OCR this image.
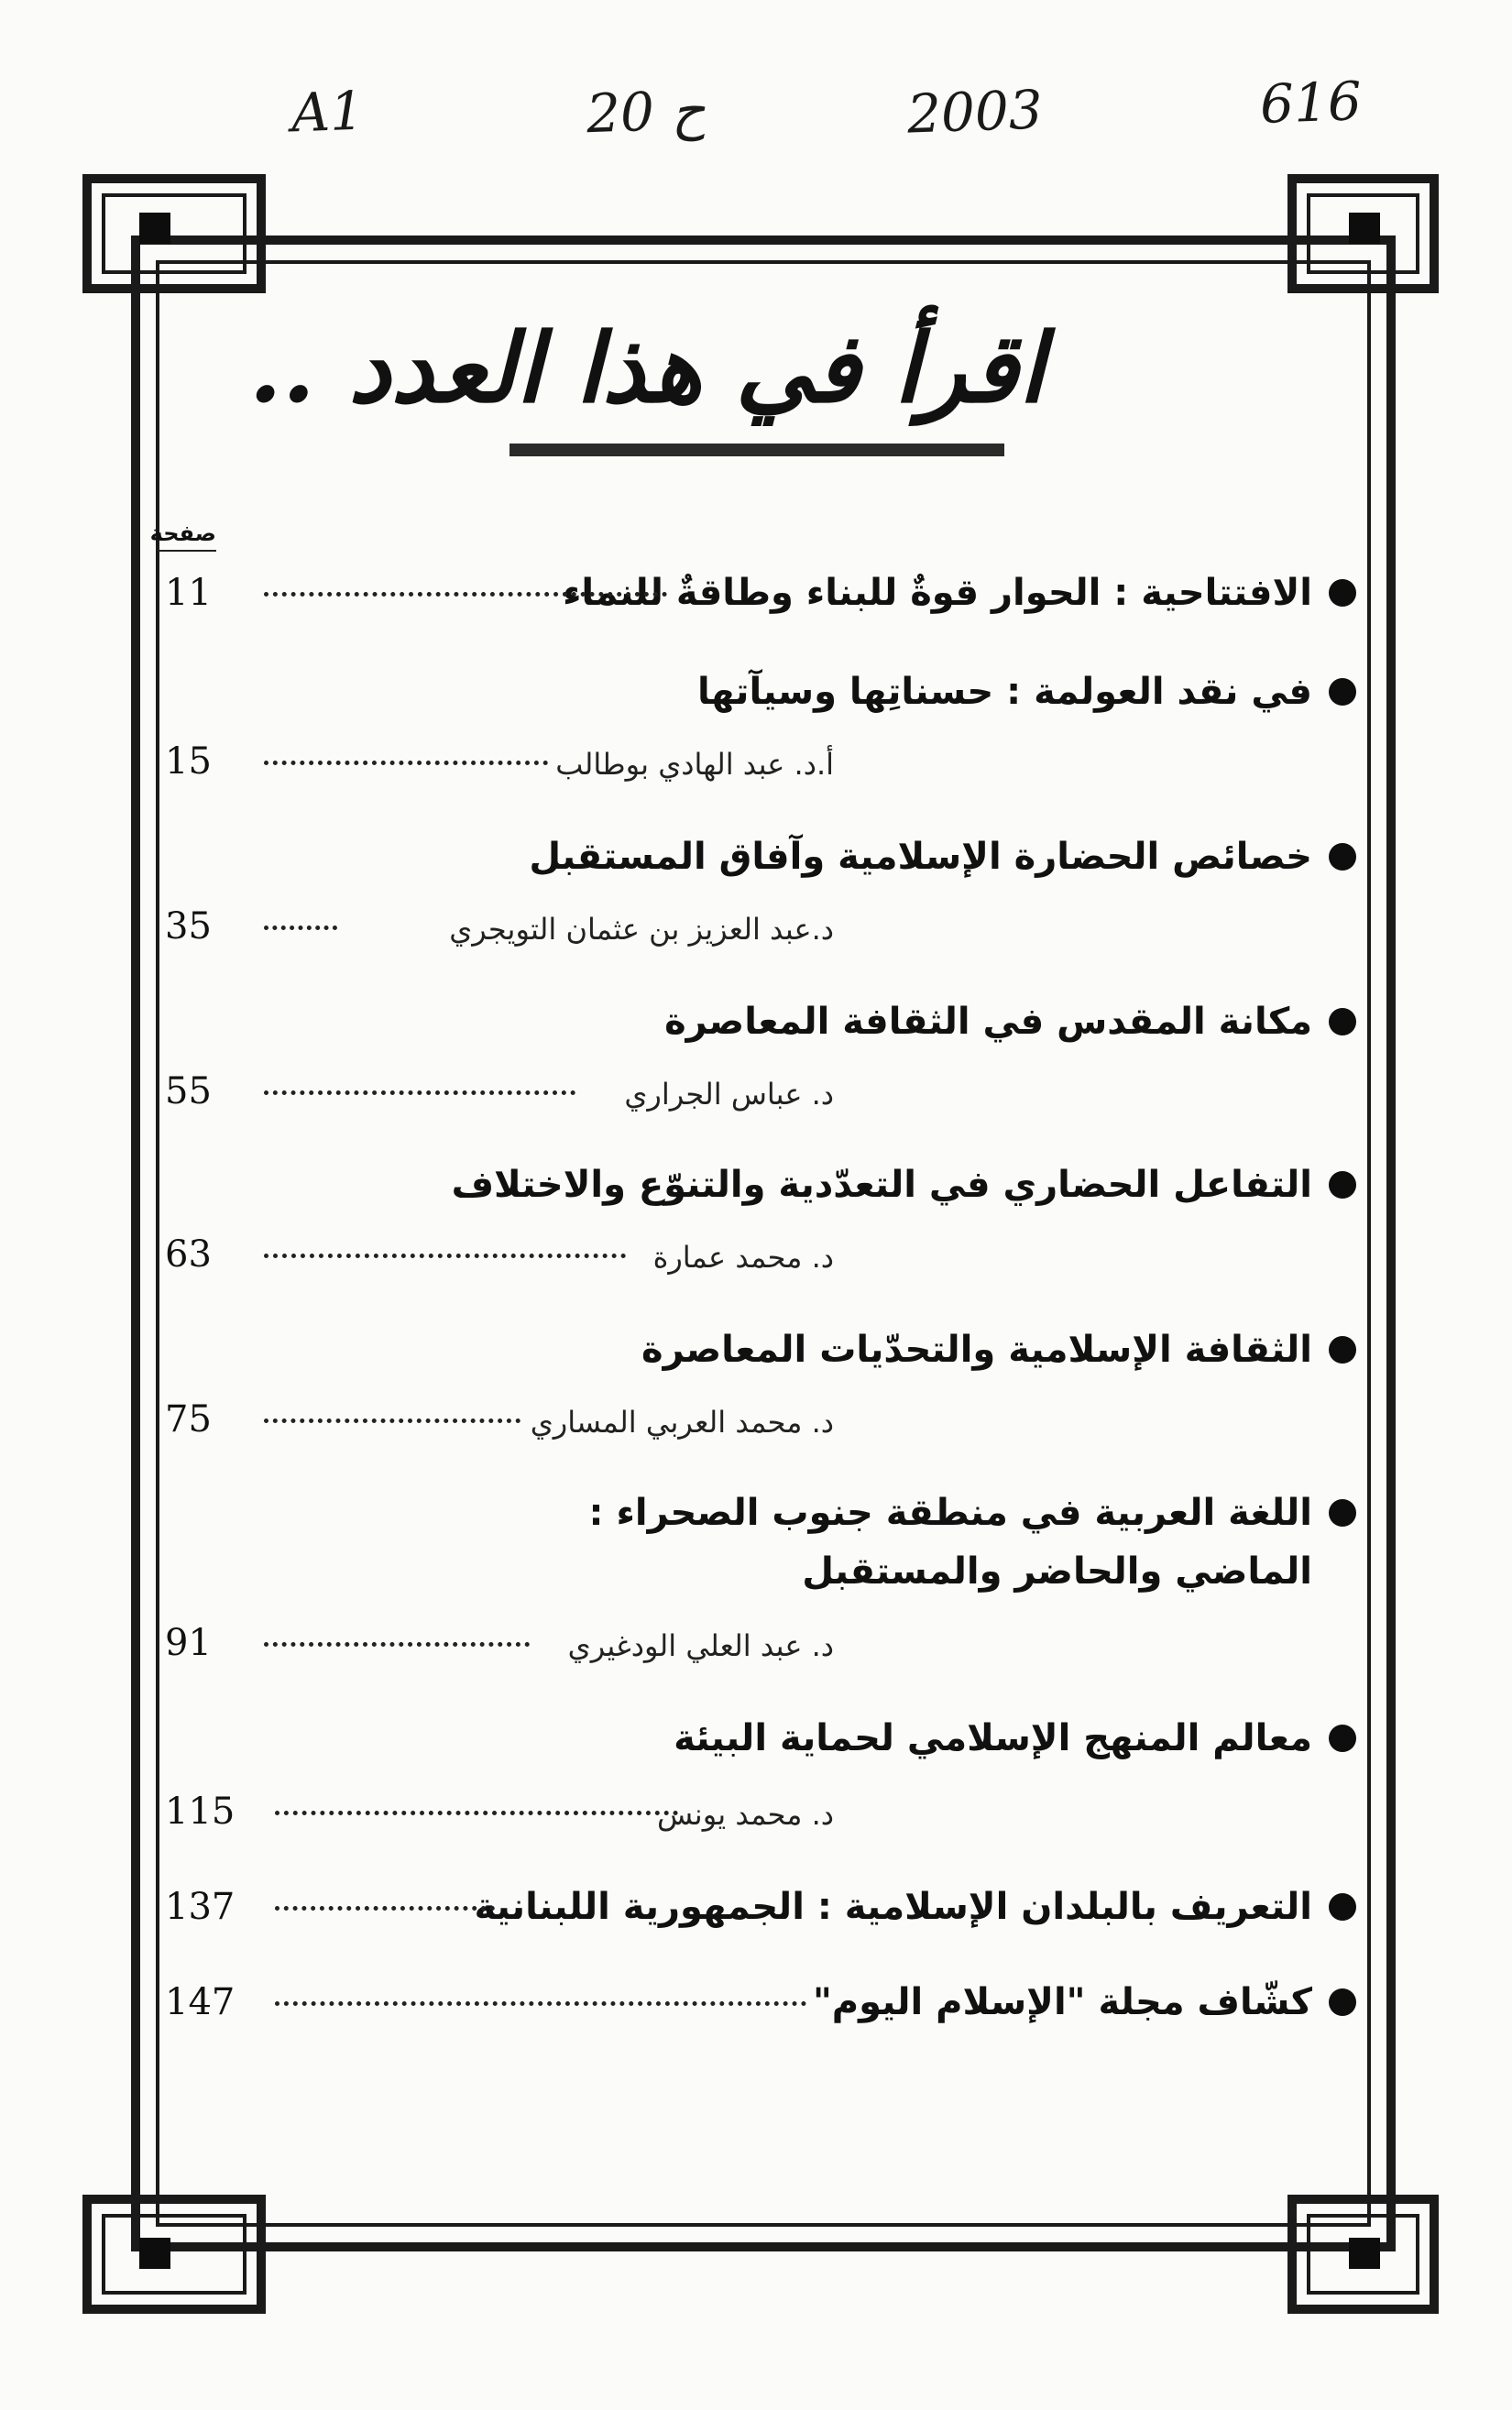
A1	20 ح	2003	616
اقرأ في هذا العدد ..
صفحة
الافتتاحية : الحوار قوةٌ للبناء وطاقةٌ للنماء
11
في نقد العولمة : حسناتِها وسيآتها
أ.د. عبد الهادي بوطالب
15
خصائص الحضارة الإسلامية وآفاق المستقبل
د.عبد العزيز بن عثمان التويجري
35
مكانة المقدس في الثقافة المعاصرة
د. عباس الجراري
55
التفاعل الحضاري في التعدّدية والتنوّع والاختلاف
د. محمد عمارة
63
الثقافة الإسلامية والتحدّيات المعاصرة
د. محمد العربي المساري
75
اللغة العربية في منطقة جنوب الصحراء :
الماضي والحاضر والمستقبل
د. عبد العلي الودغيري
91
معالم المنهج الإسلامي لحماية البيئة
د. محمد يونس
115
التعريف بالبلدان الإسلامية : الجمهورية اللبنانية
137
كشّاف مجلة "الإسلام اليوم"
147
